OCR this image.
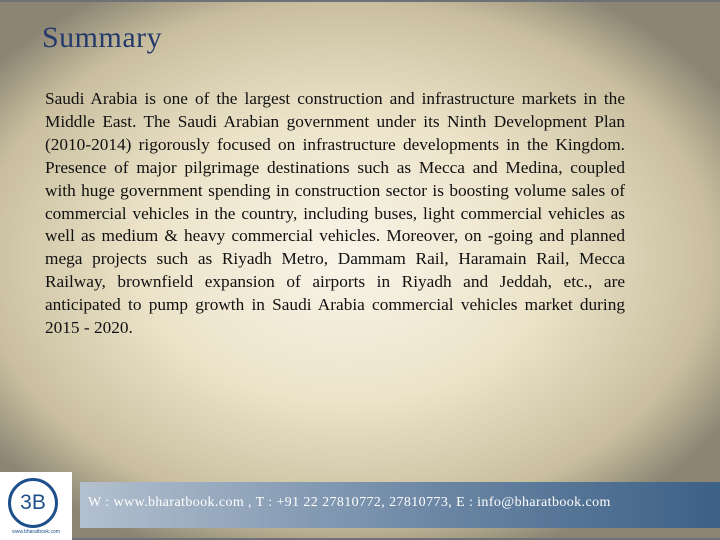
Summary

Saudi Arabia is one of the largest construction and infrastructure markets in the Middle East. The Saudi Arabian government under its Ninth Development Plan (2010-2014) rigorously focused on infrastructure developments in the Kingdom. Presence of major pilgrimage destinations such as Mecca and Medina, coupled with huge government spending in construction sector is boosting volume sales of commercial vehicles in the country, including buses, light commercial vehicles as well as medium & heavy commercial vehicles. Moreover, on -going and planned mega projects such as Riyadh Metro, Dammam Rail, Haramain Rail, Mecca Railway, brownfield expansion of airports in Riyadh and Jeddah, etc., are anticipated to pump growth in Saudi Arabia commercial vehicles market during 2015 - 2020.

W : www.bharatbook.com , T : +91 22 27810772, 27810773, E : info@bharatbook.com
3B
www.bharatbook.com
